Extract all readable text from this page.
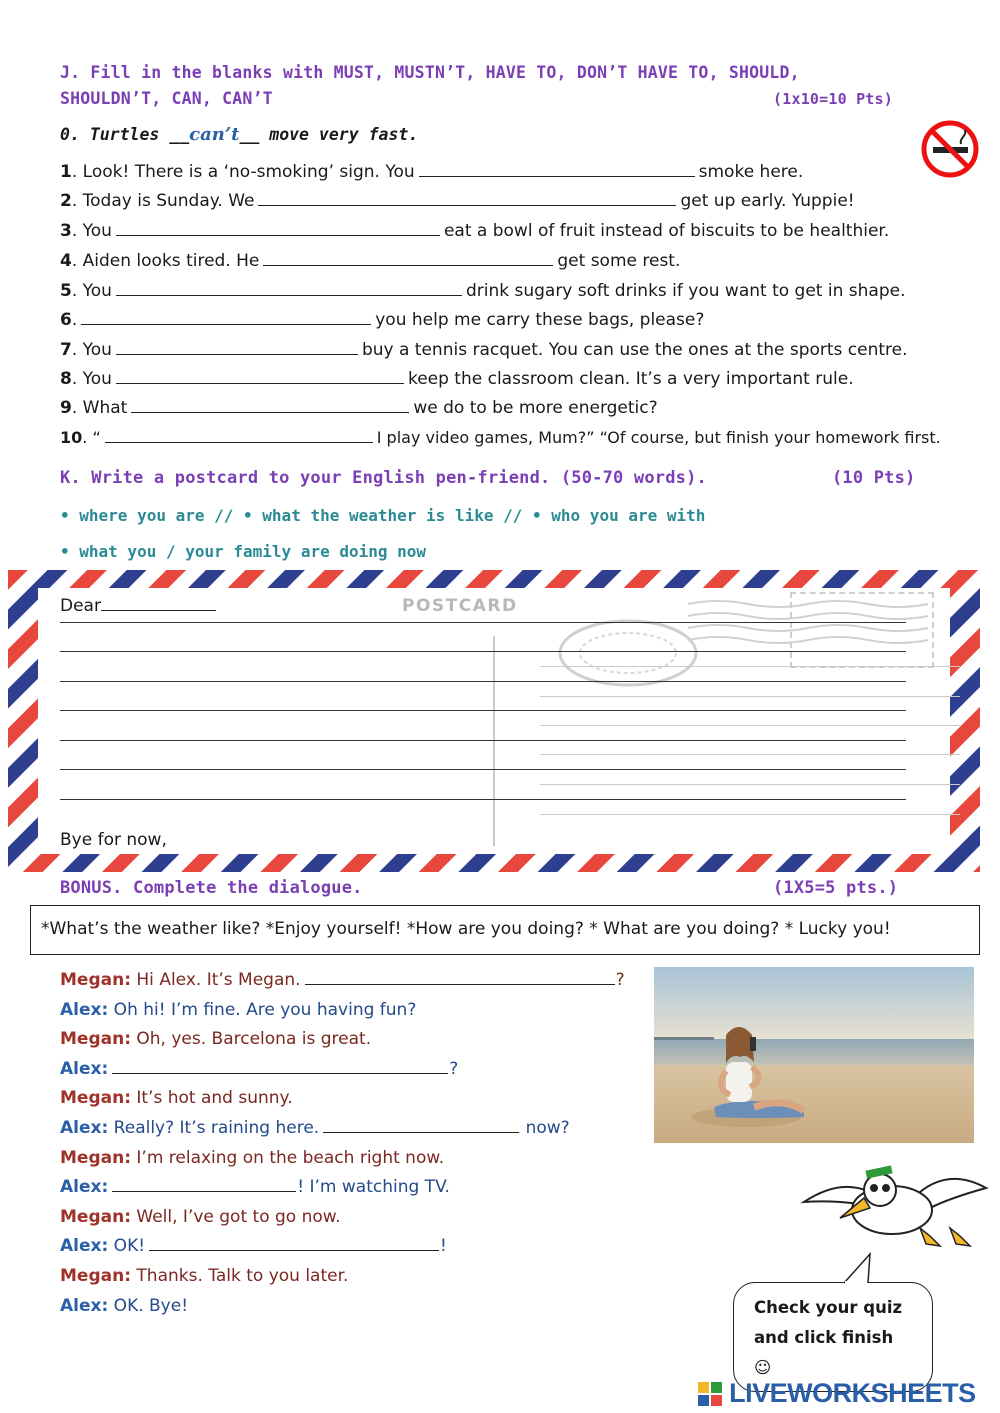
J. Fill in the blanks with MUST, MUSTN’T, HAVE TO, DON’T HAVE TO, SHOULD,
SHOULDN’T, CAN, CAN’T	(1x10=10 Pts)
0. Turtles __can’t__ move very fast.
1. Look! There is a ‘no-smoking’ sign. You	smoke here.
2. Today is Sunday. We	get up early. Yuppie!
3. You	eat a bowl of fruit instead of biscuits to be healthier.
4. Aiden looks tired. He	get some rest.
5. You	drink sugary soft drinks if you want to get in shape.
6.	you help me carry these bags, please?
7. You	buy a tennis racquet. You can use the ones at the sports centre.
8. You	keep the classroom clean. It’s a very important rule.
9. What	we do to be more energetic?
10. “	I play video games, Mum?” “Of course, but finish your homework first.
K. Write a postcard to your English pen-friend. (50-70 words).	(10 Pts)
• where you are // • what the weather is like // • who you are with
• what you / your family are doing now
POSTCARD
Dear
Bye for now,
BONUS. Complete the dialogue.	(1X5=5 pts.)
*What’s the weather like? *Enjoy yourself! *How are you doing? * What are you doing? * Lucky you!
Megan: Hi Alex. It’s Megan.	?
Alex: Oh hi! I’m fine. Are you having fun?
Megan: Oh, yes. Barcelona is great.
Alex:	?
Megan: It’s hot and sunny.
Alex: Really? It’s raining here.	now?
Megan: I’m relaxing on the beach right now.
Alex:	! I’m watching TV.
Megan: Well, I’ve got to go now.
Alex: OK!	!
Megan: Thanks. Talk to you later.
Alex: OK. Bye!	Check your quiz
and click finish
☺
LIVEWORKSHEETS
